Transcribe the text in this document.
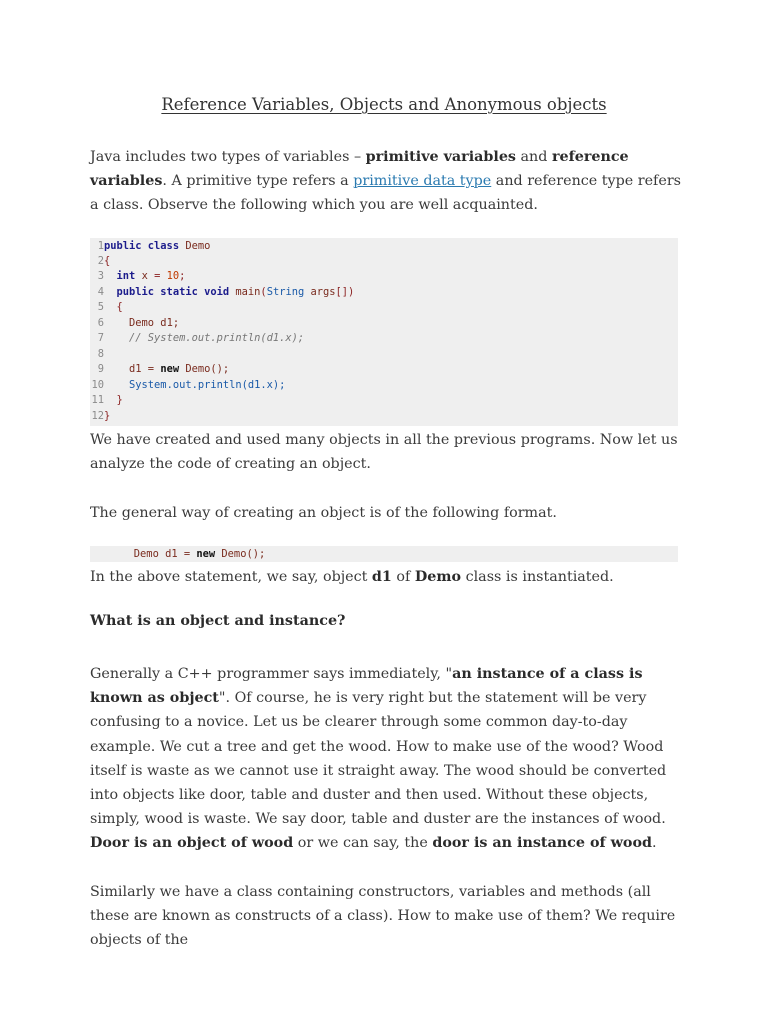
Reference Variables, Objects and Anonymous objects

Java includes two types of variables – primitive variables and reference variables. A primitive type refers a primitive data type and reference type refers a class. Observe the following which you are well acquainted.

1public class Demo
2{
3 int x = 10;
4 public static void main(String args[])
5 {
6 Demo d1;
7 // System.out.println(d1.x);
8
9 d1 = new Demo();
10 System.out.println(d1.x);
11 }
12}

We have created and used many objects in all the previous programs. Now let us analyze the code of creating an object.

The general way of creating an object is of the following format.

Demo d1 = new Demo();

In the above statement, we say, object d1 of Demo class is instantiated.

What is an object and instance?

Generally a C++ programmer says immediately, "an instance of a class is known as object". Of course, he is very right but the statement will be very confusing to a novice. Let us be clearer through some common day-to-day example. We cut a tree and get the wood. How to make use of the wood? Wood itself is waste as we cannot use it straight away. The wood should be converted into objects like door, table and duster and then used. Without these objects, simply, wood is waste. We say door, table and duster are the instances of wood. Door is an object of wood or we can say, the door is an instance of wood.

Similarly we have a class containing constructors, variables and methods (all these are known as constructs of a class). How to make use of them? We require objects of the
